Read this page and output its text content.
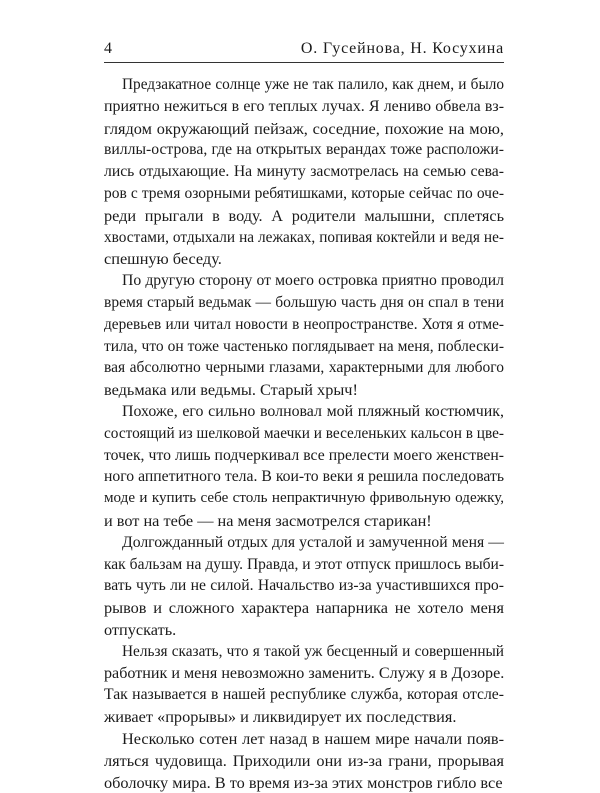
4	О. Гусейнова, Н. Косухина
Предзакатное солнце уже не так палило, как днем, и было
приятно нежиться в его теплых лучах. Я лениво обвела вз-
глядом окружающий пейзаж, соседние, похожие на мою,
виллы-острова, где на открытых верандах тоже расположи-
лись отдыхающие. На минуту засмотрелась на семью сева-
ров с тремя озорными ребятишками, которые сейчас по оче-
реди прыгали в воду. А родители малышни, сплетясь
хвостами, отдыхали на лежаках, попивая коктейли и ведя не-
спешную беседу.
По другую сторону от моего островка приятно проводил
время старый ведьмак — большую часть дня он спал в тени
деревьев или читал новости в неопространстве. Хотя я отме-
тила, что он тоже частенько поглядывает на меня, поблески-
вая абсолютно черными глазами, характерными для любого
ведьмака или ведьмы. Старый хрыч!
Похоже, его сильно волновал мой пляжный костюмчик,
состоящий из шелковой маечки и веселеньких кальсон в цве-
точек, что лишь подчеркивал все прелести моего женствен-
ного аппетитного тела. В кои-то веки я решила последовать
моде и купить себе столь непрактичную фривольную одежку,
и вот на тебе — на меня засмотрелся старикан!
Долгожданный отдых для усталой и замученной меня —
как бальзам на душу. Правда, и этот отпуск пришлось выби-
вать чуть ли не силой. Начальство из-за участившихся про-
рывов и сложного характера напарника не хотело меня
отпускать.
Нельзя сказать, что я такой уж бесценный и совершенный
работник и меня невозможно заменить. Служу я в Дозоре.
Так называется в нашей республике служба, которая отсле-
живает «прорывы» и ликвидирует их последствия.
Несколько сотен лет назад в нашем мире начали появ-
ляться чудовища. Приходили они из-за грани, прорывая
оболочку мира. В то время из-за этих монстров гибло все
